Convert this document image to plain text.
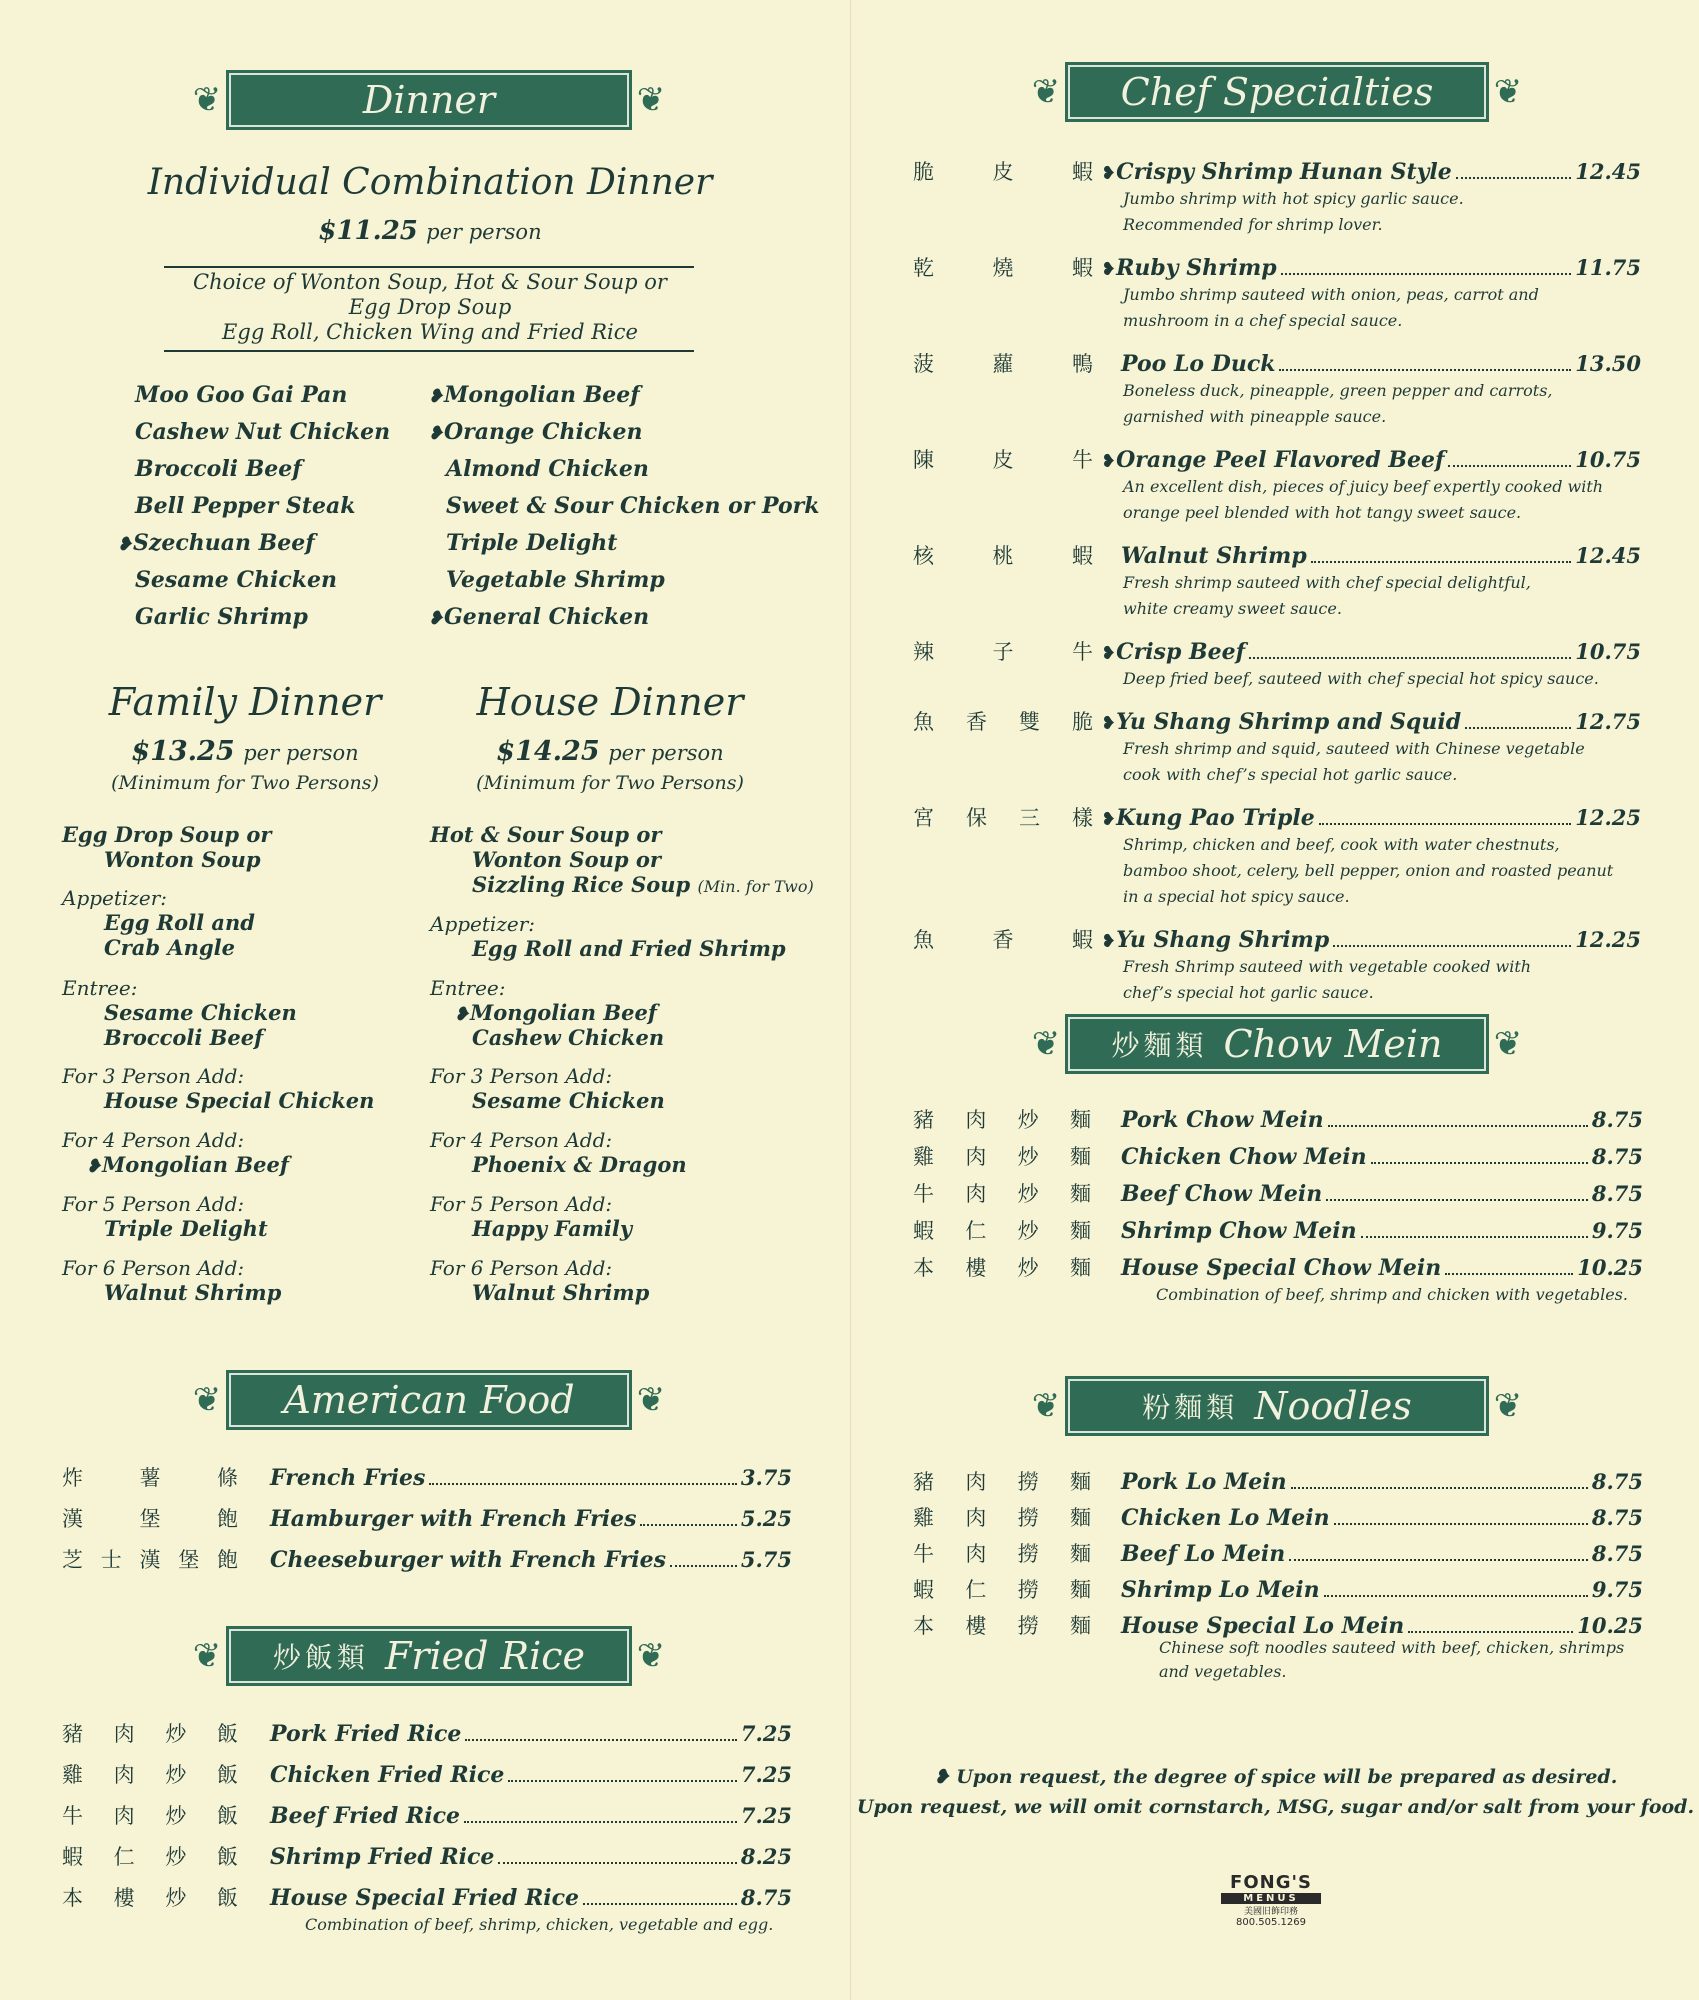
❦	Dinner	❦
Individual Combination Dinner
$11.25 per person
Choice of Wonton Soup, Hot & Sour Soup or
Egg Drop Soup
Egg Roll, Chicken Wing and Fried Rice
Moo Goo Gai Pan
Cashew Nut Chicken
Broccoli Beef
Bell Pepper Steak
❥Szechuan Beef
Sesame Chicken
Garlic Shrimp
❥Mongolian Beef
❥Orange Chicken
Almond Chicken
Sweet & Sour Chicken or Pork
Triple Delight
Vegetable Shrimp
❥General Chicken
Family Dinner
$13.25 per person
(Minimum for Two Persons)
House Dinner
$14.25 per person
(Minimum for Two Persons)
Egg Drop Soup or
Wonton Soup
Appetizer:
Egg Roll and
Crab Angle
Entree:
Sesame Chicken
Broccoli Beef
For 3 Person Add:
House Special Chicken
For 4 Person Add:
❥Mongolian Beef
For 5 Person Add:
Triple Delight
For 6 Person Add:
Walnut Shrimp
Hot & Sour Soup or
Wonton Soup or
Sizzling Rice Soup (Min. for Two)
Appetizer:
Egg Roll and Fried Shrimp
Entree:
❥Mongolian Beef
Cashew Chicken
For 3 Person Add:
Sesame Chicken
For 4 Person Add:
Phoenix & Dragon
For 5 Person Add:
Happy Family
For 6 Person Add:
Walnut Shrimp
❦ American Food ❦
炸	薯	條 French Fries	3.75
漢	堡	飽 Hamburger with French Fries	5.25
芝 士 漢 堡 飽 Cheeseburger with French Fries	5.75
❦ 炒飯類 Fried Rice ❦
豬 肉 炒 飯 Pork Fried Rice	7.25
雞 肉 炒 飯 Chicken Fried Rice	7.25
牛 肉 炒 飯 Beef Fried Rice	7.25
蝦 仁 炒 飯 Shrimp Fried Rice	8.25
本 樓 炒 飯 House Special Fried Rice	8.75
Combination of beef, shrimp, chicken, vegetable and egg.
❦ Chef Specialties ❦
脆	皮	蝦 ❥ Crispy Shrimp Hunan Style	12.45
Jumbo shrimp with hot spicy garlic sauce.
Recommended for shrimp lover.
乾	燒	蝦 ❥ Ruby Shrimp	11.75
Jumbo shrimp sauteed with onion, peas, carrot and
mushroom in a chef special sauce.
菠	蘿	鴨 Poo Lo Duck	13.50
Boneless duck, pineapple, green pepper and carrots,
garnished with pineapple sauce.
陳	皮	牛 ❥ Orange Peel Flavored Beef	10.75
An excellent dish, pieces of juicy beef expertly cooked with
orange peel blended with hot tangy sweet sauce.
核	桃	蝦 Walnut Shrimp	12.45
Fresh shrimp sauteed with chef special delightful,
white creamy sweet sauce.
辣	子	牛 ❥ Crisp Beef	10.75
Deep fried beef, sauteed with chef special hot spicy sauce.
魚 香 雙 脆 ❥ Yu Shang Shrimp and Squid	12.75
Fresh shrimp and squid, sauteed with Chinese vegetable
cook with chef’s special hot garlic sauce.
宮 保 三 樣 ❥ Kung Pao Triple	12.25
Shrimp, chicken and beef, cook with water chestnuts,
bamboo shoot, celery, bell pepper, onion and roasted peanut
in a special hot spicy sauce.
魚	香	蝦 ❥ Yu Shang Shrimp	12.25
Fresh Shrimp sauteed with vegetable cooked with
chef’s special hot garlic sauce.
❦ 炒麵類 Chow Mein ❦
豬 肉 炒 麵 Pork Chow Mein	8.75
雞 肉 炒 麵 Chicken Chow Mein	8.75
牛 肉 炒 麵 Beef Chow Mein	8.75
蝦 仁 炒 麵 Shrimp Chow Mein	9.75
本 樓 炒 麵 House Special Chow Mein	10.25
Combination of beef, shrimp and chicken with vegetables.
❦	粉麵類 Noodles ❦
豬 肉 撈 麵 Pork Lo Mein	8.75
雞 肉 撈 麵 Chicken Lo Mein	8.75
牛 肉 撈 麵 Beef Lo Mein	8.75
蝦 仁 撈 麵 Shrimp Lo Mein	9.75
本 樓 撈 麵 House Special Lo Mein	10.25
Chinese soft noodles sauteed with beef, chicken, shrimps
and vegetables.
❥ Upon request, the degree of spice will be prepared as desired.
Upon request, we will omit cornstarch, MSG, sugar and/or salt from your food.
FONG'S
MENUS
美國旧飾印務
800.505.1269
